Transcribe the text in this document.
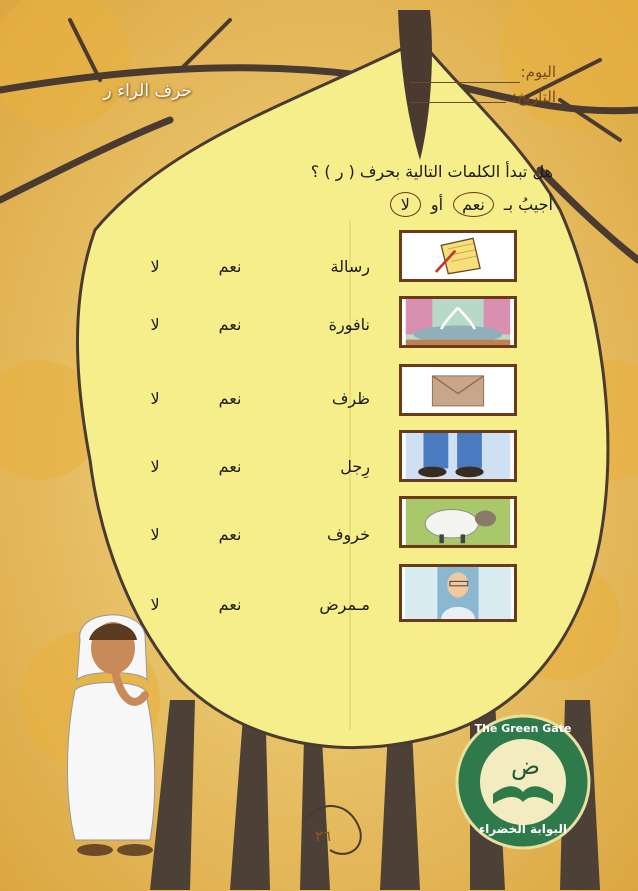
اليوم:
التاريخ:
حرف الراء ر
هل تبدأ الكلمات التالية بحرف ( ر ) ؟
أجيبُ بـ
نعم
أو
لا
رسالة
نعم
لا
نافورة
نعم
لا
ظرف
نعم
لا
رِجل
نعم
لا
خروف
نعم
لا
مـمرض
نعم
لا
ض
The Green Gate
البوابة الخضراء
٢٦
